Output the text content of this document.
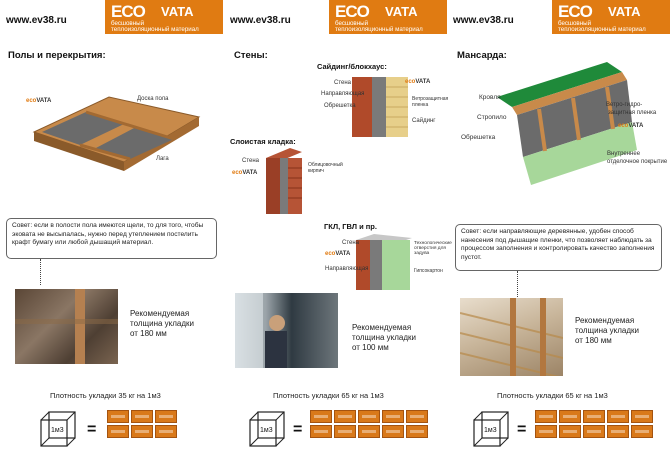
www.ev38.ru	ECO VATA
бесшовный
теплоизоляционный материал
Полы и перекрытия:
ecoVATA	Доска пола
Лага
Совет: если в полости пола имеются щели, то для того, чтобы эковата не высыпалась, нужно перед утеплением постелить крафт бумагу или любой дышащий материал.
Рекомендуемая
толщина укладки
от 180 мм
Плотность укладки 35 кг на 1м3
1м3 =
www.ev38.ru	ECO VATA
бесшовный
теплоизоляционный материал
Стены:
Сайдинг/блокхаус:
Стена
Направляющая
Обрешетка
Ветрозащитная пленка
Сайдинг
ecoVATA
Слоистая кладка:
Стена
Облицовочный кирпич
ecoVATA
ГКЛ, ГВЛ и пр.
Стена
Направляющая
Технологические отверстия для задува
Гипсокартон
ecoVATA
Рекомендуемая
толщина укладки
от 100 мм
Плотность укладки 65 кг на 1м3
1м3 =
www.ev38.ru	ECO VATA
бесшовный
теплоизоляционный материал
Мансарда:
Кровля
Стропило
Обрешетка
Ветро-гидро-
защитная пленка
ecoVATA
Внутреннее
отделочное покрытие
Совет: если направляющие деревянные, удобен способ нанесения под дышащие пленки, что позволяет наблюдать за процессом заполнения и контролировать качество заполнения пустот.
Рекомендуемая
толщина укладки
от 180 мм
Плотность укладки 65 кг на 1м3
1м3 =
